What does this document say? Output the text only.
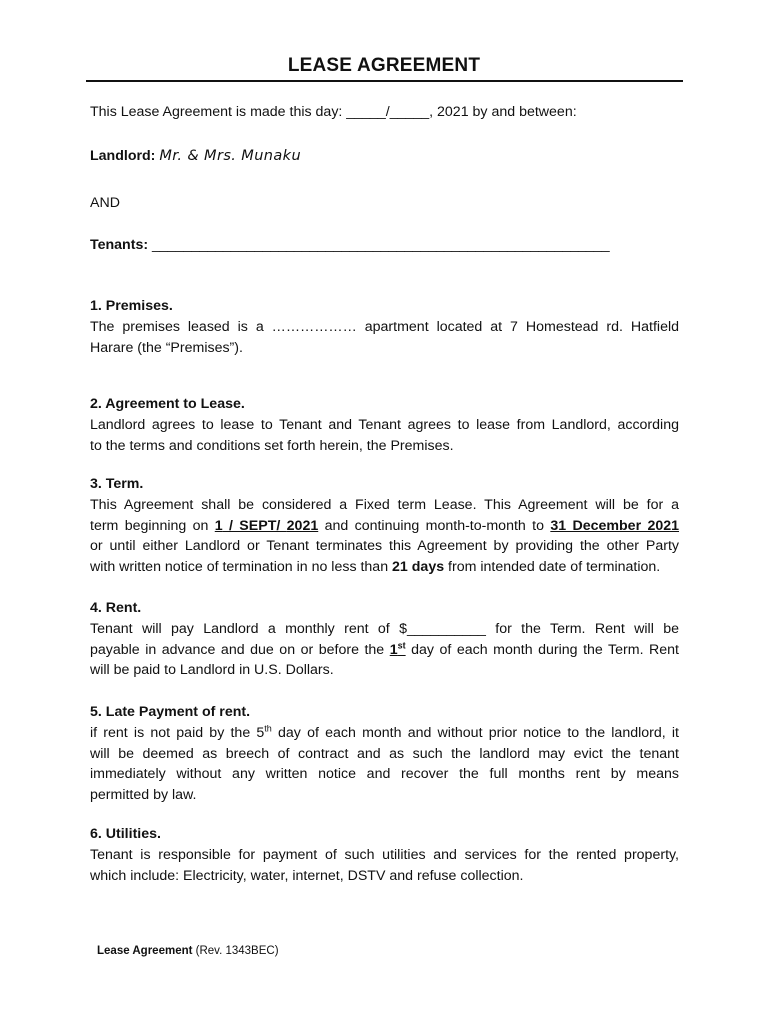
LEASE AGREEMENT
This Lease Agreement is made this day: _____/_____, 2021 by and between:
Landlord: Mr. & Mrs. Munaku
AND
Tenants: __________________________________________________________

1. Premises.

The premises leased is a ……………… apartment located at 7 Homestead rd. Hatfield

Harare (the “Premises”).

2. Agreement to Lease.

Landlord agrees to lease to Tenant and Tenant agrees to lease from Landlord, according

to the terms and conditions set forth herein, the Premises.

3. Term.

This Agreement shall be considered a Fixed term Lease. This Agreement will be for a

term beginning on 1 / SEPT/ 2021 and continuing month-to-month to 31 December 2021

or until either Landlord or Tenant terminates this Agreement by providing the other Party

with written notice of termination in no less than 21 days from intended date of termination.

4. Rent.

Tenant will pay Landlord a monthly rent of $__________ for the Term. Rent will be

payable in advance and due on or before the 1st day of each month during the Term. Rent

will be paid to Landlord in U.S. Dollars.

5. Late Payment of rent.

if rent is not paid by the 5th day of each month and without prior notice to the landlord, it

will be deemed as breech of contract and as such the landlord may evict the tenant

immediately without any written notice and recover the full months rent by means

permitted by law.

6. Utilities.

Tenant is responsible for payment of such utilities and services for the rented property,

which include: Electricity, water, internet, DSTV and refuse collection.

Lease Agreement (Rev. 1343BEC)
